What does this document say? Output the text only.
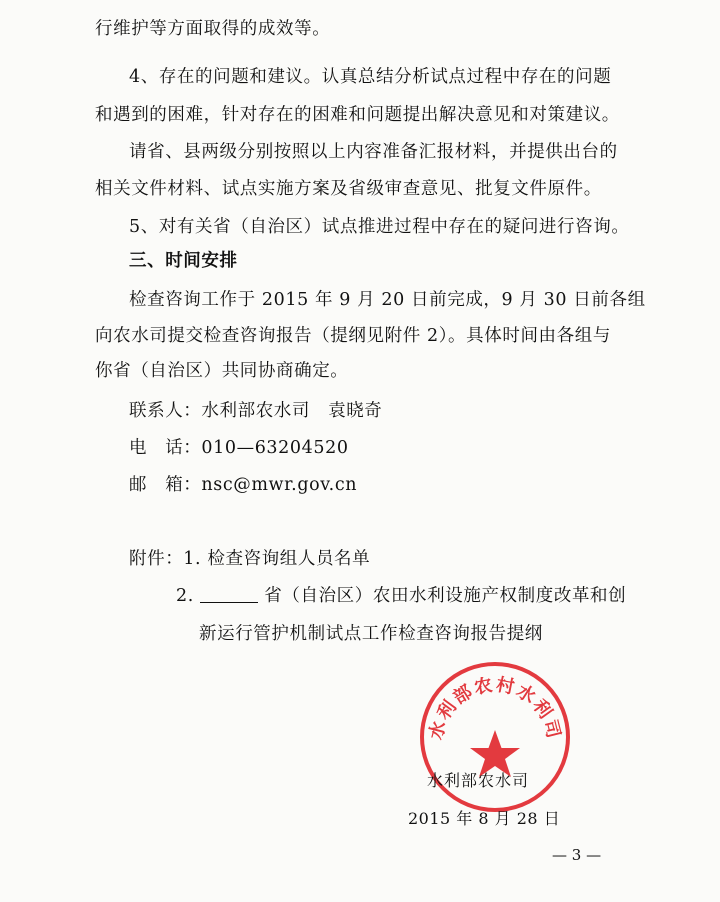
行维护等方面取得的成效等。
4、存在的问题和建议。认真总结分析试点过程中存在的问题
和遇到的困难，针对存在的困难和问题提出解决意见和对策建议。
请省、县两级分别按照以上内容准备汇报材料，并提供出台的
相关文件材料、试点实施方案及省级审查意见、批复文件原件。
5、对有关省（自治区）试点推进过程中存在的疑问进行咨询。
三、时间安排
检查咨询工作于 2015 年 9 月 20 日前完成，9 月 30 日前各组
向农水司提交检查咨询报告（提纲见附件 2）。具体时间由各组与
你省（自治区）共同协商确定。
联系人：水利部农水司　袁晓奇
电　话：010—63204520
邮　箱：nsc@mwr.gov.cn
附件：1. 检查咨询组人员名单
2.	省（自治区）农田水利设施产权制度改革和创
新运行管护机制试点工作检查咨询报告提纲
水利部农村水利司
水利部农水司
2015 年 8 月 28 日
— 3 —
